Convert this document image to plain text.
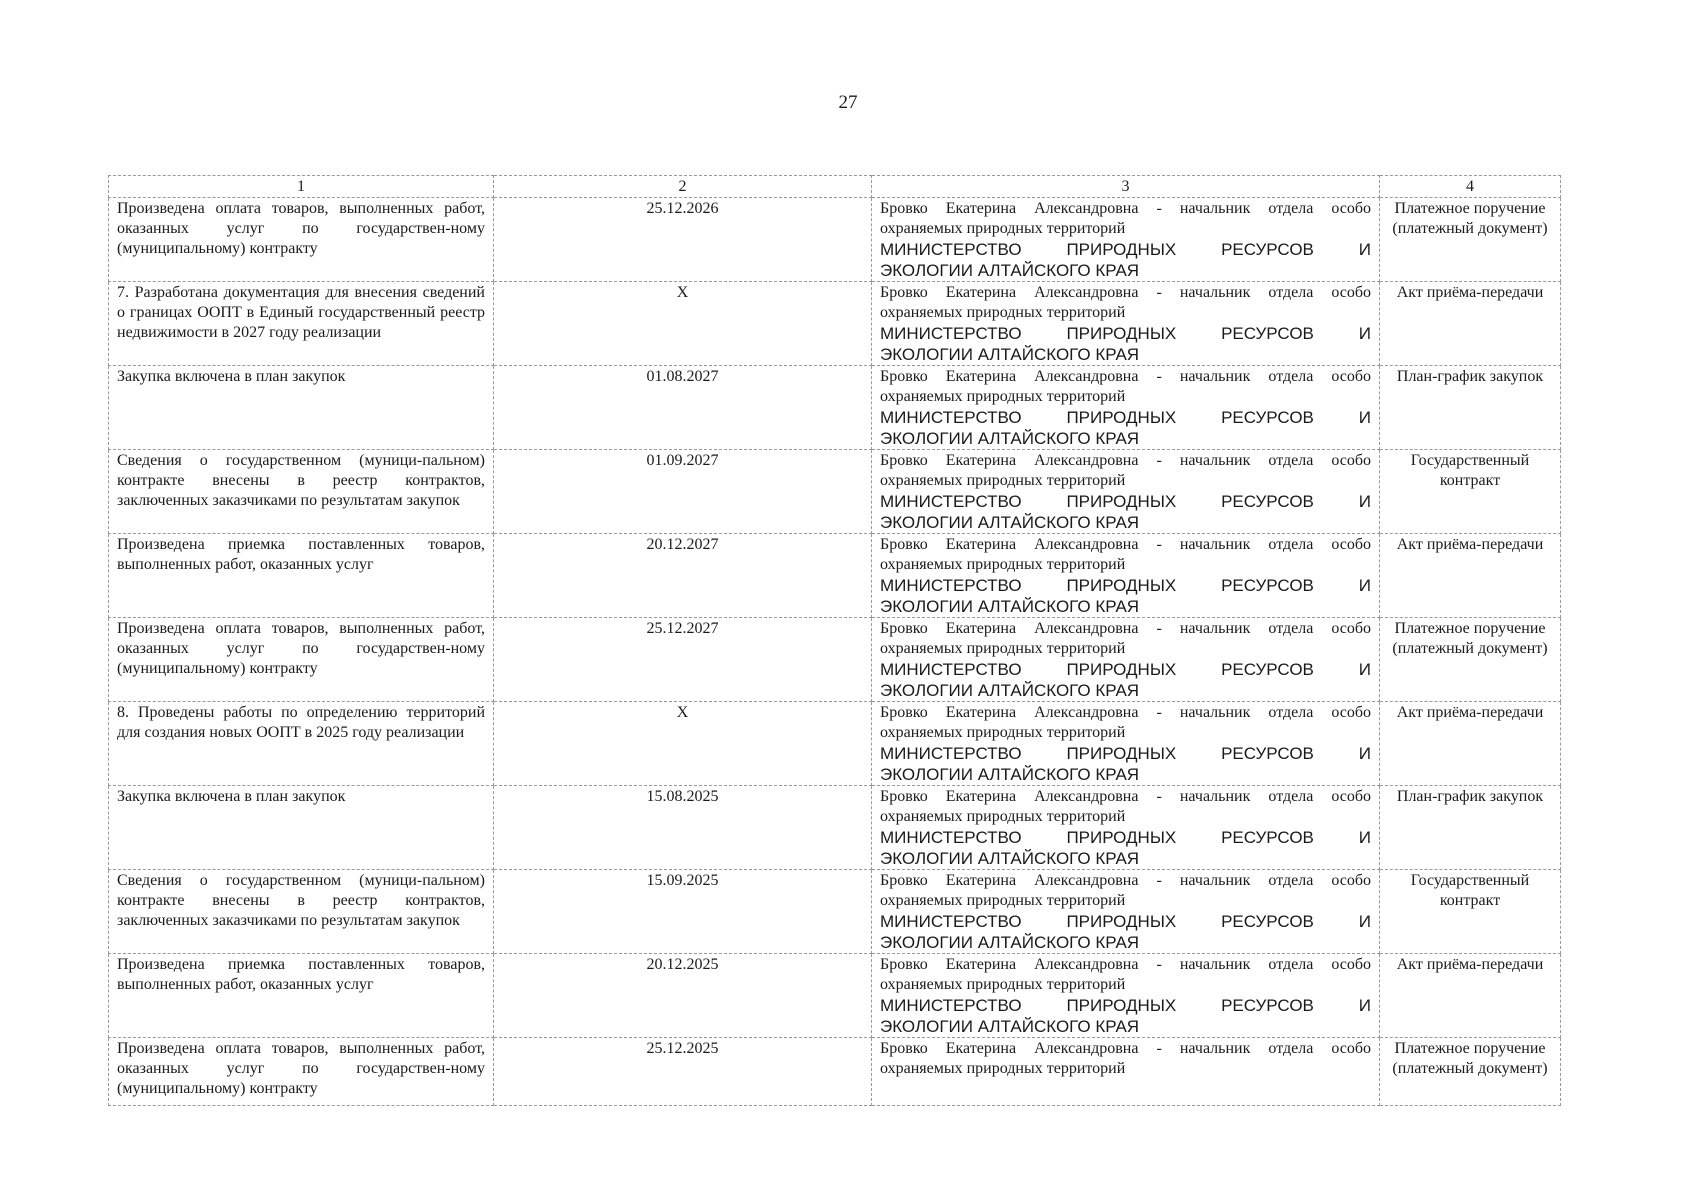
27
1	2	3	4
Произведена оплата товаров, выполненных работ, оказанных услуг по государствен-ному (муниципальному) контракту	25.12.2026	Бровко Екатерина Александровна - начальник отдела особо охраняемых природных территорий
МИНИСТЕРСТВО ПРИРОДНЫХ РЕСУРСОВ И
ЭКОЛОГИИ АЛТАЙСКОГО КРАЯ	Платежное поручение (платежный документ)
7. Разработана документация для внесения сведений о границах ООПТ в Единый государственный реестр недвижимости в 2027 году реализации	X	Бровко Екатерина Александровна - начальник отдела особо охраняемых природных территорий
МИНИСТЕРСТВО ПРИРОДНЫХ РЕСУРСОВ И
ЭКОЛОГИИ АЛТАЙСКОГО КРАЯ	Акт приёма-передачи
Закупка включена в план закупок	01.08.2027	Бровко Екатерина Александровна - начальник отдела особо охраняемых природных территорий
МИНИСТЕРСТВО ПРИРОДНЫХ РЕСУРСОВ И
ЭКОЛОГИИ АЛТАЙСКОГО КРАЯ	План-график закупок
Сведения о государственном (муници-пальном) контракте внесены в реестр контрактов, заключенных заказчиками по результатам закупок	01.09.2027	Бровко Екатерина Александровна - начальник отдела особо охраняемых природных территорий
МИНИСТЕРСТВО ПРИРОДНЫХ РЕСУРСОВ И
ЭКОЛОГИИ АЛТАЙСКОГО КРАЯ	Государственный контракт
Произведена приемка поставленных товаров, выполненных работ, оказанных услуг	20.12.2027	Бровко Екатерина Александровна - начальник отдела особо охраняемых природных территорий
МИНИСТЕРСТВО ПРИРОДНЫХ РЕСУРСОВ И
ЭКОЛОГИИ АЛТАЙСКОГО КРАЯ	Акт приёма-передачи
Произведена оплата товаров, выполненных работ, оказанных услуг по государствен-ному (муниципальному) контракту	25.12.2027	Бровко Екатерина Александровна - начальник отдела особо охраняемых природных территорий
МИНИСТЕРСТВО ПРИРОДНЫХ РЕСУРСОВ И
ЭКОЛОГИИ АЛТАЙСКОГО КРАЯ	Платежное поручение (платежный документ)
8. Проведены работы по определению территорий для создания новых ООПТ в 2025 году реализации	X	Бровко Екатерина Александровна - начальник отдела особо охраняемых природных территорий
МИНИСТЕРСТВО ПРИРОДНЫХ РЕСУРСОВ И
ЭКОЛОГИИ АЛТАЙСКОГО КРАЯ	Акт приёма-передачи
Закупка включена в план закупок	15.08.2025	Бровко Екатерина Александровна - начальник отдела особо охраняемых природных территорий
МИНИСТЕРСТВО ПРИРОДНЫХ РЕСУРСОВ И
ЭКОЛОГИИ АЛТАЙСКОГО КРАЯ	План-график закупок
Сведения о государственном (муници-пальном) контракте внесены в реестр контрактов, заключенных заказчиками по результатам закупок	15.09.2025	Бровко Екатерина Александровна - начальник отдела особо охраняемых природных территорий
МИНИСТЕРСТВО ПРИРОДНЫХ РЕСУРСОВ И
ЭКОЛОГИИ АЛТАЙСКОГО КРАЯ	Государственный контракт
Произведена приемка поставленных товаров, выполненных работ, оказанных услуг	20.12.2025	Бровко Екатерина Александровна - начальник отдела особо охраняемых природных территорий
МИНИСТЕРСТВО ПРИРОДНЫХ РЕСУРСОВ И
ЭКОЛОГИИ АЛТАЙСКОГО КРАЯ	Акт приёма-передачи
Произведена оплата товаров, выполненных работ, оказанных услуг по государствен-ному (муниципальному) контракту	25.12.2025	Бровко Екатерина Александровна - начальник отдела особо охраняемых природных территорий	Платежное поручение (платежный документ)
